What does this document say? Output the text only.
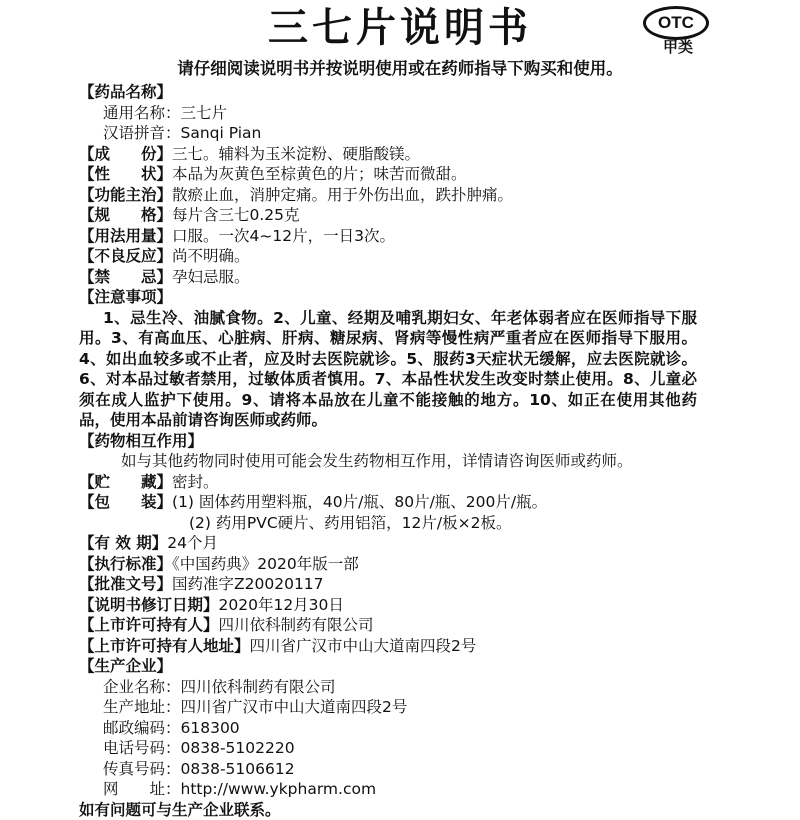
三七片说明书	OTC
甲类
请仔细阅读说明书并按说明使用或在药师指导下购买和使用。
【药品名称】
通用名称：三七片
汉语拼音：Sanqi Pian
【成　　份】三七。辅料为玉米淀粉、硬脂酸镁。
【性　　状】本品为灰黄色至棕黄色的片；味苦而微甜。
【功能主治】散瘀止血，消肿定痛。用于外伤出血，跌扑肿痛。
【规　　格】每片含三七0.25克
【用法用量】口服。一次4~12片，一日3次。
【不良反应】尚不明确。
【禁　　忌】孕妇忌服。
【注意事项】
1、忌生冷、油腻食物。2、儿童、经期及哺乳期妇女、年老体弱者应在医师指导下服用。3、有高血压、心脏病、肝病、糖尿病、肾病等慢性病严重者应在医师指导下服用。4、如出血较多或不止者，应及时去医院就诊。5、服药3天症状无缓解，应去医院就诊。6、对本品过敏者禁用，过敏体质者慎用。7、本品性状发生改变时禁止使用。8、儿童必须在成人监护下使用。9、请将本品放在儿童不能接触的地方。10、如正在使用其他药品，使用本品前请咨询医师或药师。
【药物相互作用】
如与其他药物同时使用可能会发生药物相互作用，详情请咨询医师或药师。
【贮　　藏】密封。
【包　　装】(1) 固体药用塑料瓶，40片/瓶、80片/瓶、200片/瓶。
(2) 药用PVC硬片、药用铝箔，12片/板×2板。
【有 效 期】24个月
【执行标准】《中国药典》2020年版一部
【批准文号】国药准字Z20020117
【说明书修订日期】2020年12月30日
【上市许可持有人】四川依科制药有限公司
【上市许可持有人地址】四川省广汉市中山大道南四段2号
【生产企业】
企业名称：四川依科制药有限公司
生产地址：四川省广汉市中山大道南四段2号
邮政编码：618300
电话号码：0838-5102220
传真号码：0838-5106612
网　　址：http://www.ykpharm.com
如有问题可与生产企业联系。
